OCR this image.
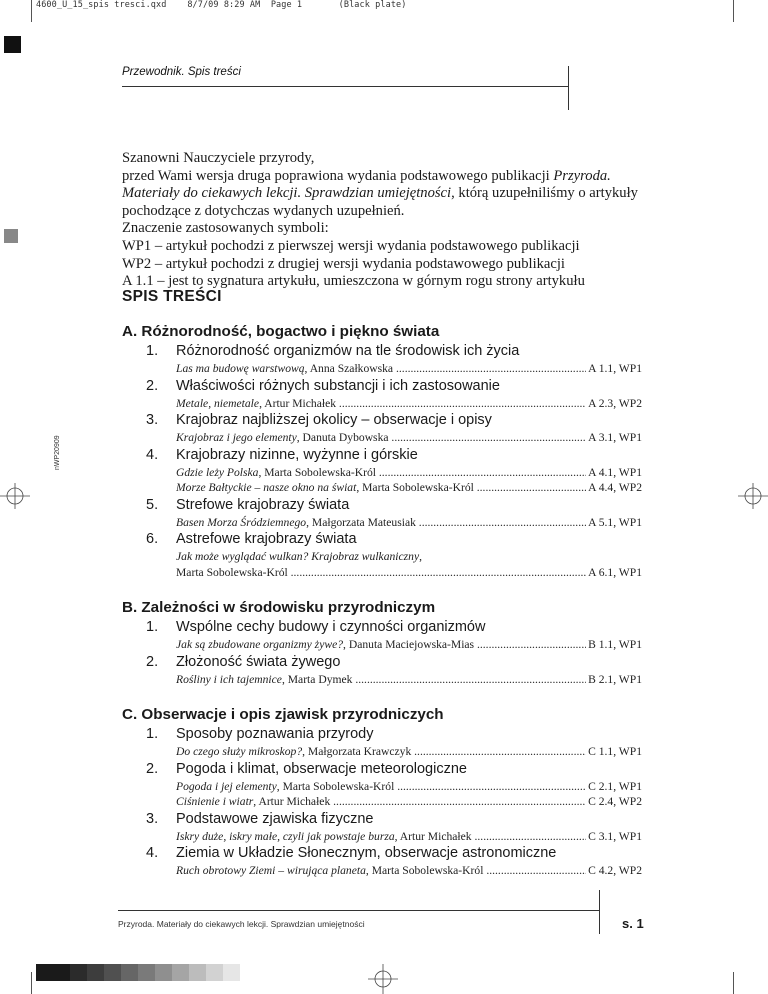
4600_U_15_spis tresci.qxd 8/7/09 8:29 AM Page 1	(Black plate)
Przewodnik. Spis treści
nWP20909

Szanowni Nauczyciele przyrody,

przed Wami wersja druga poprawiona wydania podstawowego publikacji Przyroda.

Materiały do ciekawych lekcji. Sprawdzian umiejętności, którą uzupełniliśmy o artykuły

pochodzące z dotychczas wydanych uzupełnień.

Znaczenie zastosowanych symboli:

WP1 – artykuł pochodzi z pierwszej wersji wydania podstawowego publikacji

WP2 – artykuł pochodzi z drugiej wersji wydania podstawowego publikacji

A 1.1 – jest to sygnatura artykułu, umieszczona w górnym rogu strony artykułu

SPIS TREŚCI
A. Różnorodność, bogactwo i piękno świata
1.	Różnorodność organizmów na tle środowisk ich życia
Las ma budowę warstwową, Anna Szałkowska .....	A 1.1, WP1
2.	Właściwości różnych substancji i ich zastosowanie
Metale, niemetale, Artur Michałek .....	A 2.3, WP2
3.	Krajobraz najbliższej okolicy – obserwacje i opisy
Krajobraz i jego elementy, Danuta Dybowska .....	A 3.1, WP1
4.	Krajobrazy nizinne, wyżynne i górskie
Gdzie leży Polska, Marta Sobolewska-Król .....	A 4.1, WP1
Morze Bałtyckie – nasze okno na świat, Marta Sobolewska-Król .....	A 4.4, WP2
5.	Strefowe krajobrazy świata
Basen Morza Śródziemnego, Małgorzata Mateusiak .....	A 5.1, WP1
6.	Astrefowe krajobrazy świata
Jak może wyglądać wulkan? Krajobraz wulkaniczny,
Marta Sobolewska-Król .....	A 6.1, WP1
B. Zależności w środowisku przyrodniczym
1.	Wspólne cechy budowy i czynności organizmów
Jak są zbudowane organizmy żywe?, Danuta Maciejowska-Mias .....	B 1.1, WP1
2.	Złożoność świata żywego
Rośliny i ich tajemnice, Marta Dymek .....	B 2.1, WP1
C. Obserwacje i opis zjawisk przyrodniczych
1.	Sposoby poznawania przyrody
Do czego służy mikroskop?, Małgorzata Krawczyk .....	C 1.1, WP1
2.	Pogoda i klimat, obserwacje meteorologiczne
Pogoda i jej elementy, Marta Sobolewska-Król .....	C 2.1, WP1
Ciśnienie i wiatr, Artur Michałek .....	C 2.4, WP2
3.	Podstawowe zjawiska fizyczne
Iskry duże, iskry małe, czyli jak powstaje burza, Artur Michałek .....	C 3.1, WP1
4.	Ziemia w Układzie Słonecznym, obserwacje astronomiczne
Ruch obrotowy Ziemi – wirująca planeta, Marta Sobolewska-Król .....	C 4.2, WP2
Przyroda. Materiały do ciekawych lekcji. Sprawdzian umiejętności	s. 1
